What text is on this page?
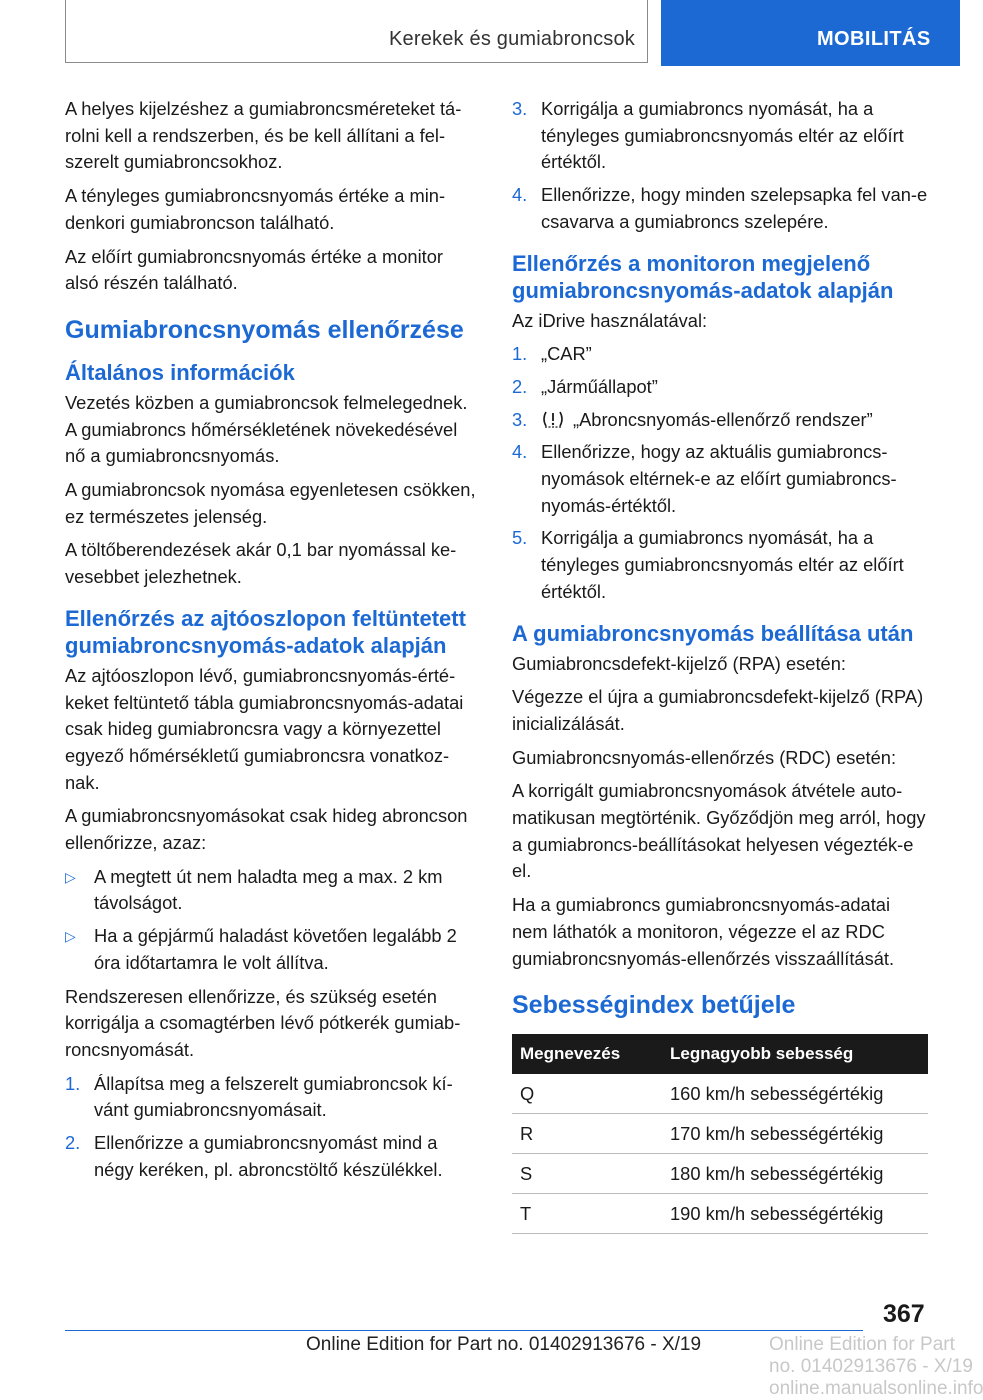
Kerekek és gumiabroncsok	MOBILITÁS

A helyes kijelzéshez a gumiabroncsméreteket tárolni kell a rendszerben, és be kell állítani a felszerelt gumiabroncsokhoz.

A tényleges gumiabroncsnyomás értéke a mindenkori gumiabroncson található.

Az előírt gumiabroncsnyomás értéke a monitor alsó részén található.

Gumiabroncsnyomás ellenőrzése
Általános információk

Vezetés közben a gumiabroncsok felmelegednek. A gumiabroncs hőmérsékletének növekedésével nő a gumiabroncsnyomás.

A gumiabroncsok nyomása egyenletesen csökken, ez természetes jelenség.

A töltőberendezések akár 0,1 bar nyomással kevesebbet jelezhetnek.

Ellenőrzés az ajtóoszlopon feltüntetett gumiabroncsnyomás-adatok alapján

Az ajtóoszlopon lévő, gumiabroncsnyomás-értékeket feltüntető tábla gumiabroncsnyomás-adatai csak hideg gumiabroncsra vagy a környezettel egyező hőmérsékletű gumiabroncsra vonatkoznak.

A gumiabroncsnyomásokat csak hideg abroncson ellenőrizze, azaz:

▷ A megtett út nem haladta meg a max. 2 km távolságot.
▷ Ha a gépjármű haladást követően legalább 2 óra időtartamra le volt állítva.

Rendszeresen ellenőrizze, és szükség esetén korrigálja a csomagtérben lévő pótkerék gumiabroncsnyomását.

1. Állapítsa meg a felszerelt gumiabroncsok kívánt gumiabroncsnyomásait.
2. Ellenőrizze a gumiabroncsnyomást mind a négy keréken, pl. abroncstöltő készülékkel.
3. Korrigálja a gumiabroncs nyomását, ha a tényleges gumiabroncsnyomás eltér az előírt értéktől.
4. Ellenőrizze, hogy minden szelepsapka fel van-e csavarva a gumiabroncs szelepére.
Ellenőrzés a monitoron megjelenő gumiabroncsnyomás-adatok alapján

Az iDrive használatával:

1. „CAR”
2. „Járműállapot”
3.	„Abroncsnyomás-ellenőrző rendszer”
4. Ellenőrizze, hogy az aktuális gumiabroncsnyomások eltérnek-e az előírt gumiabroncsnyomás-értéktől.
5. Korrigálja a gumiabroncs nyomását, ha a tényleges gumiabroncsnyomás eltér az előírt értéktől.
A gumiabroncsnyomás beállítása után

Gumiabroncsdefekt-kijelző (RPA) esetén:

Végezze el újra a gumiabroncsdefekt-kijelző (RPA) inicializálását.

Gumiabroncsnyomás-ellenőrzés (RDC) esetén:

A korrigált gumiabroncsnyomások átvétele automatikusan megtörténik. Győződjön meg arról, hogy a gumiabroncs-beállításokat helyesen végezték-e el.

Ha a gumiabroncs gumiabroncsnyomás-adatai nem láthatók a monitoron, végezze el az RDC gumiabroncsnyomás-ellenőrzés visszaállítását.

Sebességindex betűjele
Megnevezés	Legnagyobb sebesség
Q	160 km/h sebességértékig
R	170 km/h sebességértékig
S	180 km/h sebességértékig
T	190 km/h sebességértékig
367
Online Edition for Part no. 01402913676 - X/19 online.manualsonline.info
Online Edition for Part no. 01402913676 - X/19
